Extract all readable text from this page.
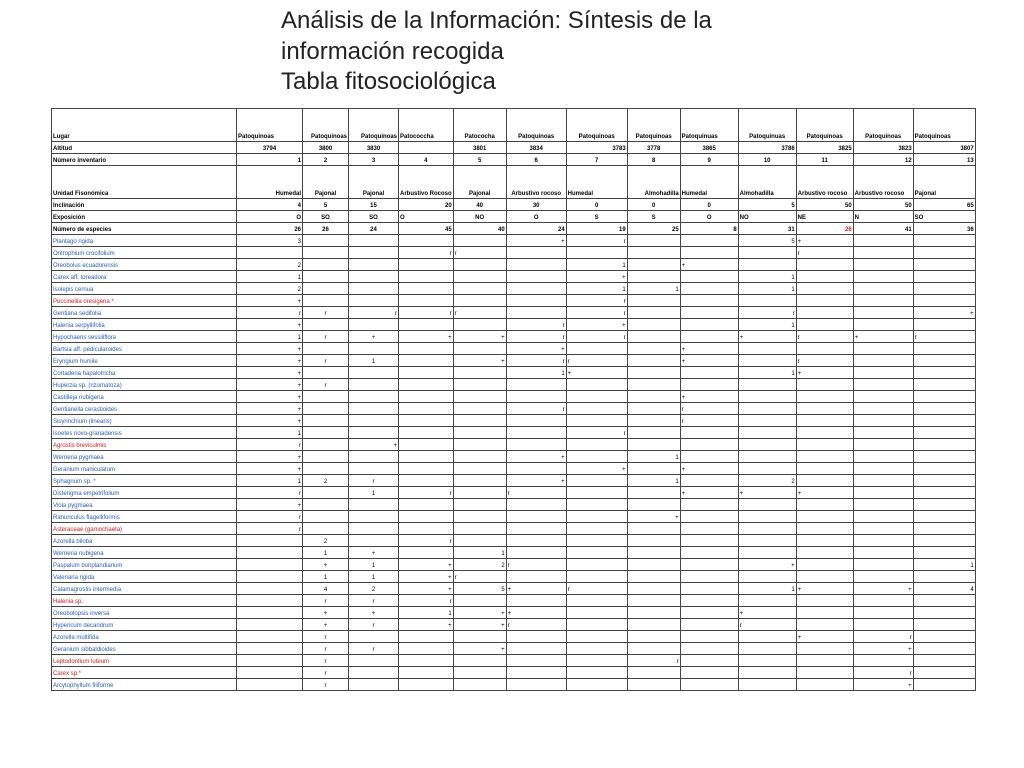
Análisis de la Información: Síntesis de la
información recogida
Tabla fitosociológica
Lugar	Patoquinoas	Patoquinoas	Patoquinoas	Patococcha	Patococha	Patoquinoas	Patoquinoas	Patoquinoas	Patoquinuas	Patoquinuas	Patoquinoas	Patoquinoas	Patoquinoas
Altitud	3794	3800	3830		3801	3834	3783	3778	3865	3786	3825	3823	3807
Número inventario	1	2	3	4	5	6	7	8	9	10	11	12	13
Unidad Fisonómica	Humedal	Pajonal	Pajonal	Arbustivo Rocoso	Pajonal	Arbustivo rocoso	Humedal	Almohadilla	Humedal	Almohadilla	Arbustivo rocoso	Arbustivo rocoso	Pajonal
Inclinación	4	5	15	20	40	30	0	0	0	5	50	50	65
Exposición	O	SO	SO	O	NO	O	S	S	O	NO	NE	N	SO
Número de especies	26	26	24	45	40	24	19	25	8	31	26	41	36
Plantago rigida	3					+	r			5	+		
Oritrophium crocifolium				r	r						r		
Oreobolus ecuadorensis	2						1		+				
Carex aff. toreadora	1						+			1			
Isolepis cernua	2						1	1		1			
Puccinellia oresigena *	+						r						
Gentiana sedifolia	r	r	r	r	r		r			r			+
Halenia serpyllifolia	+					r	+			1			
Hypochaeris sessiliflora	1	r	+	+	+	r	r			+	r	+	r
Bartsia aff. pedicularoides	+					+			+				
Eryngium humile	+	r	1		+	r	r		+		r		
Cortaderia hapalotricha	+					1	+			1	+		
Huperzia sp. (rizomatoza)	+	r											
Castilleja nubigena	+								+				
Gentianella cerastioides	+					r			r				
Sisyrinchium (linearis)	+								r				
Isoetes novo-granadensis	1						r						
Agrostis breviculmis	r		+										
Werneria pygmaea	+					+		1					
Geranium maniculatum	+						+		+				
Sphagnum sp. *	1	2	r			+		1		2			
Disterigma empetrifolium	r		1	r		r			+	+	+		
Viola pygmaea	+												
Ranunculus flagelliformis	r							+					
Asteraceae (gamochaeta)	r												
Azorella biloba		2		r									
Werneria nubigena		1	+		1								
Paspalum bonplandianum		+	1	+	2	r				+			1
Valeriana rigida		1	1	+	r								
Calamagrostis intermedia		4	2	+	5	+	r			1	+	+	4
Halenia sp.		r	r	r									
Oreobolopsis inversa		+	+	1	+	+				+			
Hypericum decandrum		+	r	+	+	r				r			
Azorella multifida		r									+	r	
Geranium sibbaldioides		r	r		+							+	
Leptodontium luteum		r						r					
Carex sp.*		r										r	
Arcytophyllum filiforme		r										+	
